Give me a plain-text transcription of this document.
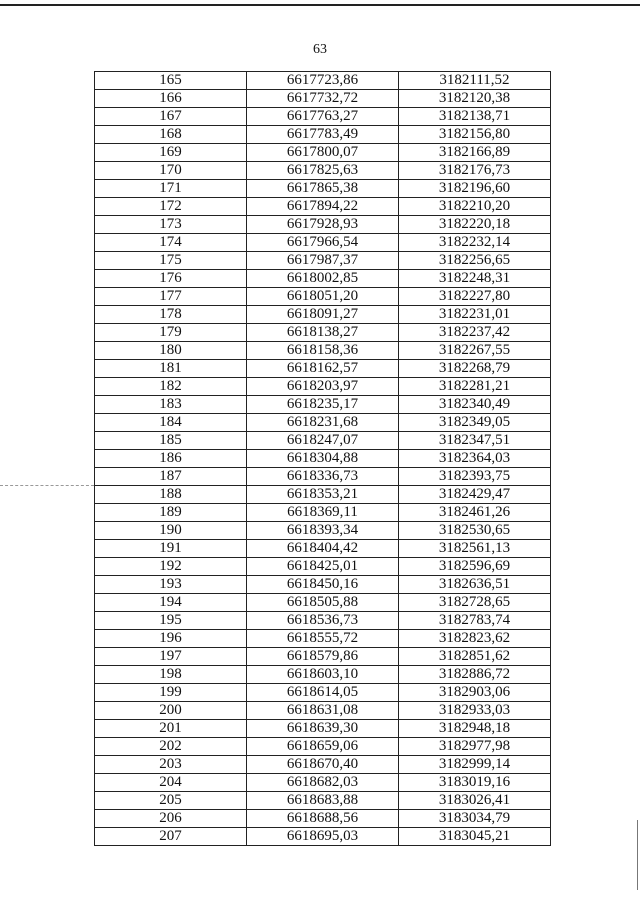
63
165	6617723,86	3182111,52
166	6617732,72	3182120,38
167	6617763,27	3182138,71
168	6617783,49	3182156,80
169	6617800,07	3182166,89
170	6617825,63	3182176,73
171	6617865,38	3182196,60
172	6617894,22	3182210,20
173	6617928,93	3182220,18
174	6617966,54	3182232,14
175	6617987,37	3182256,65
176	6618002,85	3182248,31
177	6618051,20	3182227,80
178	6618091,27	3182231,01
179	6618138,27	3182237,42
180	6618158,36	3182267,55
181	6618162,57	3182268,79
182	6618203,97	3182281,21
183	6618235,17	3182340,49
184	6618231,68	3182349,05
185	6618247,07	3182347,51
186	6618304,88	3182364,03
187	6618336,73	3182393,75
188	6618353,21	3182429,47
189	6618369,11	3182461,26
190	6618393,34	3182530,65
191	6618404,42	3182561,13
192	6618425,01	3182596,69
193	6618450,16	3182636,51
194	6618505,88	3182728,65
195	6618536,73	3182783,74
196	6618555,72	3182823,62
197	6618579,86	3182851,62
198	6618603,10	3182886,72
199	6618614,05	3182903,06
200	6618631,08	3182933,03
201	6618639,30	3182948,18
202	6618659,06	3182977,98
203	6618670,40	3182999,14
204	6618682,03	3183019,16
205	6618683,88	3183026,41
206	6618688,56	3183034,79
207	6618695,03	3183045,21
